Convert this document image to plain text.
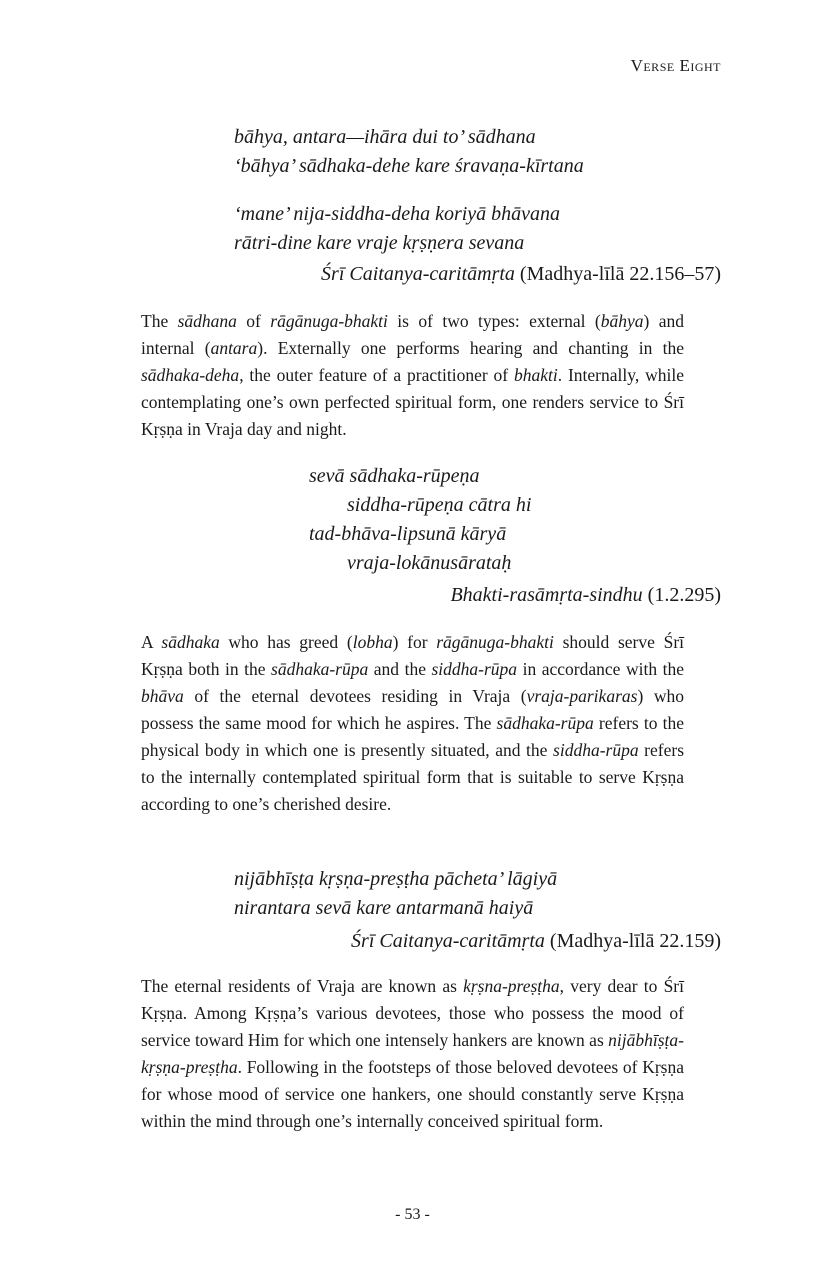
Verse Eight
bāhya, antara—ihāra dui to’ sādhana
‘bāhya’ sādhaka-dehe kare śravaṇa-kīrtana
‘mane’ nija-siddha-deha koriyā bhāvana
rātri-dine kare vraje kṛṣṇera sevana
Śrī Caitanya-caritāmṛta (Madhya-līlā 22.156–57)

The sādhana of rāgānuga-bhakti is of two types: external (bāhya) and internal (antara). Externally one performs hearing and chanting in the sādhaka-deha, the outer feature of a practitioner of bhakti. Internally, while contemplating one’s own perfected spiritual form, one renders service to Śrī Kṛṣṇa in Vraja day and night.

sevā sādhaka-rūpeṇa
siddha-rūpeṇa cātra hi
tad-bhāva-lipsunā kāryā
vraja-lokānusārataḥ
Bhakti-rasāmṛta-sindhu (1.2.295)

A sādhaka who has greed (lobha) for rāgānuga-bhakti should serve Śrī Kṛṣṇa both in the sādhaka-rūpa and the siddha-rūpa in accordance with the bhāva of the eternal devotees residing in Vraja (vraja-parikaras) who possess the same mood for which he aspires. The sādhaka-rūpa refers to the physical body in which one is presently situated, and the siddha-rūpa refers to the internally contemplated spiritual form that is suitable to serve Kṛṣṇa according to one’s cherished desire.

nijābhīṣṭa kṛṣṇa-preṣṭha pācheta’ lāgiyā
nirantara sevā kare antarmanā haiyā
Śrī Caitanya-caritāmṛta (Madhya-līlā 22.159)

The eternal residents of Vraja are known as kṛṣna-preṣṭha, very dear to Śrī Kṛṣṇa. Among Kṛṣṇa’s various devotees, those who possess the mood of service toward Him for which one intensely hankers are known as nijābhīṣṭa-kṛṣṇa-preṣṭha. Following in the footsteps of those beloved devotees of Kṛṣṇa for whose mood of service one hankers, one should constantly serve Kṛṣṇa within the mind through one’s internally conceived spiritual form.

- 53 -
